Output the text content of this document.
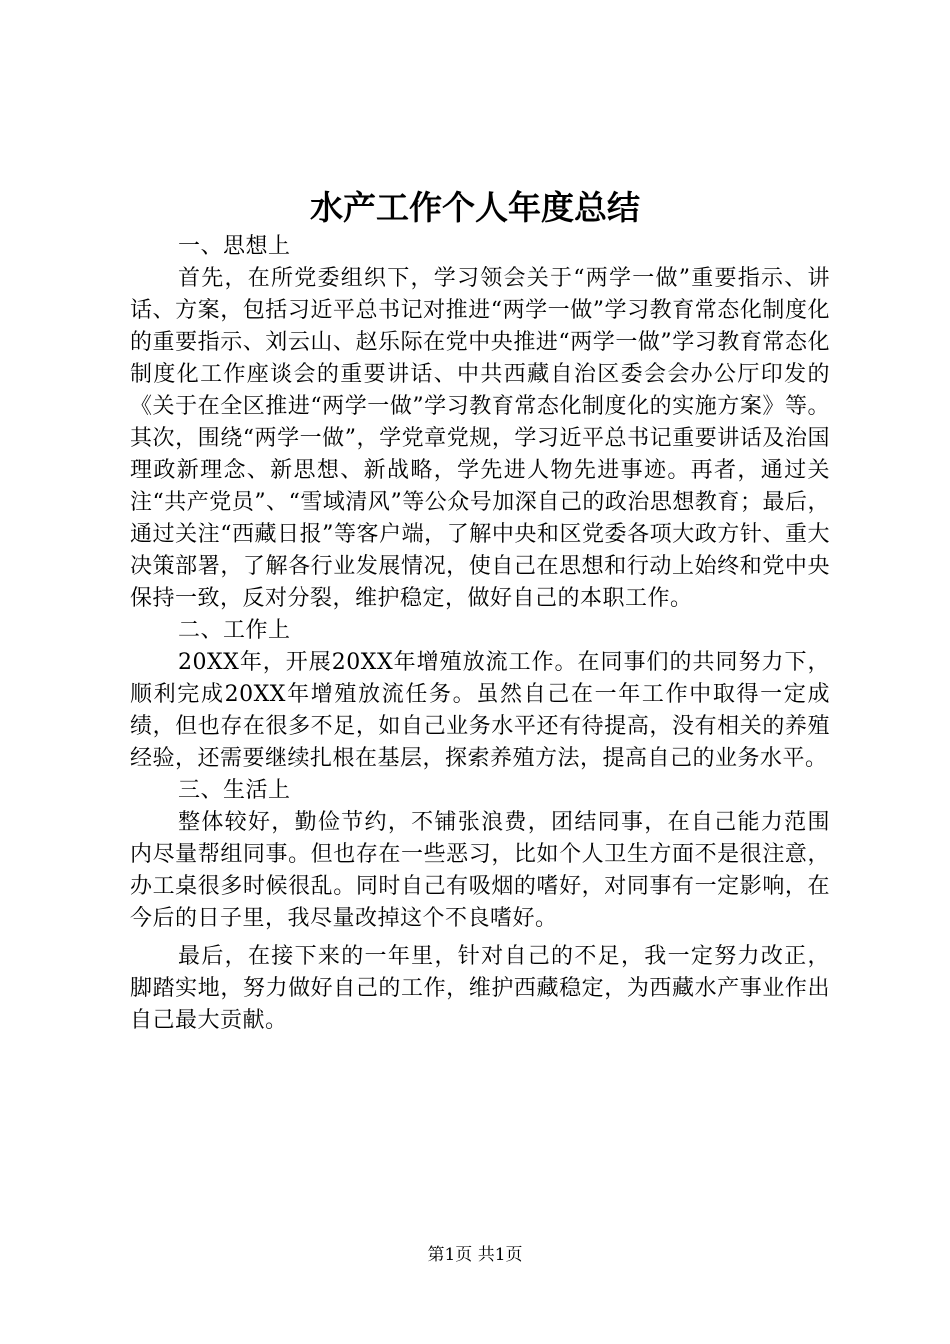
水产工作个人年度总结

一、思想上

首先，在所党委组织下，学习领会关于“两学一做”重要指示、讲话、方案，包括习近平总书记对推进“两学一做”学习教育常态化制度化的重要指示、刘云山、赵乐际在党中央推进“两学一做”学习教育常态化制度化工作座谈会的重要讲话、中共西藏自治区委会会办公厅印发的《关于在全区推进“两学一做”学习教育常态化制度化的实施方案》等。其次，围绕“两学一做”，学党章党规，学习近平总书记重要讲话及治国理政新理念、新思想、新战略，学先进人物先进事迹。再者，通过关注“共产党员”、“雪域清风”等公众号加深自己的政治思想教育；最后，通过关注“西藏日报”等客户端，了解中央和区党委各项大政方针、重大决策部署，了解各行业发展情况，使自己在思想和行动上始终和党中央保持一致，反对分裂，维护稳定，做好自己的本职工作。

二、工作上

20XX年，开展20XX年增殖放流工作。在同事们的共同努力下，顺利完成20XX年增殖放流任务。虽然自己在一年工作中取得一定成绩，但也存在很多不足，如自己业务水平还有待提高，没有相关的养殖经验，还需要继续扎根在基层，探索养殖方法，提高自己的业务水平。

三、生活上

整体较好，勤俭节约，不铺张浪费，团结同事，在自己能力范围内尽量帮组同事。但也存在一些恶习，比如个人卫生方面不是很注意，办工桌很多时候很乱。同时自己有吸烟的嗜好，对同事有一定影响，在今后的日子里，我尽量改掉这个不良嗜好。

最后，在接下来的一年里，针对自己的不足，我一定努力改正，脚踏实地，努力做好自己的工作，维护西藏稳定，为西藏水产事业作出自己最大贡献。

第1页 共1页
